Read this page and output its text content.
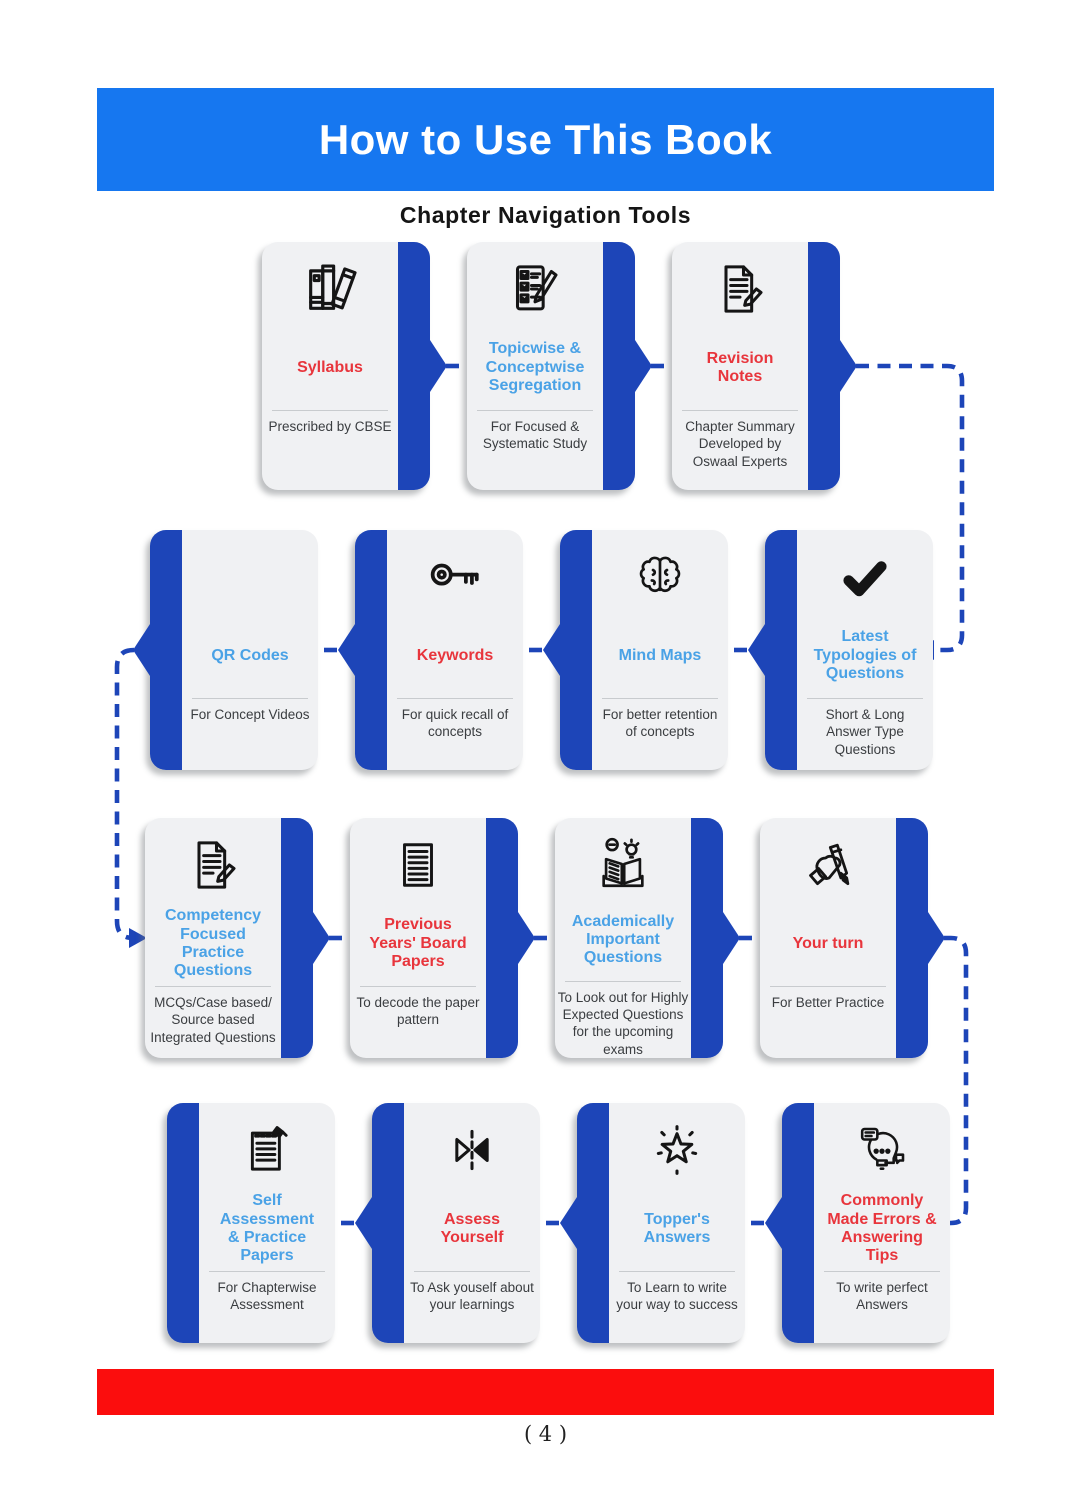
How to Use This Book
Chapter Navigation Tools
Syllabus
Prescribed by CBSE
Topicwise & Conceptwise Segregation
For Focused & Systematic Study
Revision Notes
Chapter Summary Developed by Oswaal Experts
QR Codes
For Concept Videos
Keywords
For quick recall of concepts
Mind Maps
For better retention of concepts
Latest Typologies of Questions
Short & Long Answer Type Questions
Competency Focused Practice Questions
MCQs/Case based/ Source based Integrated Questions
Previous Years' Board Papers
To decode the paper pattern
Academically Important Questions
To Look out for Highly Expected Questions for the upcoming exams
Your turn
For Better Practice
Self Assessment & Practice Papers
For Chapterwise Assessment
Assess Yourself
To Ask youself about your learnings
Topper's Answers
To Learn to write your way to success
Commonly Made Errors & Answering Tips
To write perfect Answers
( 4 )
